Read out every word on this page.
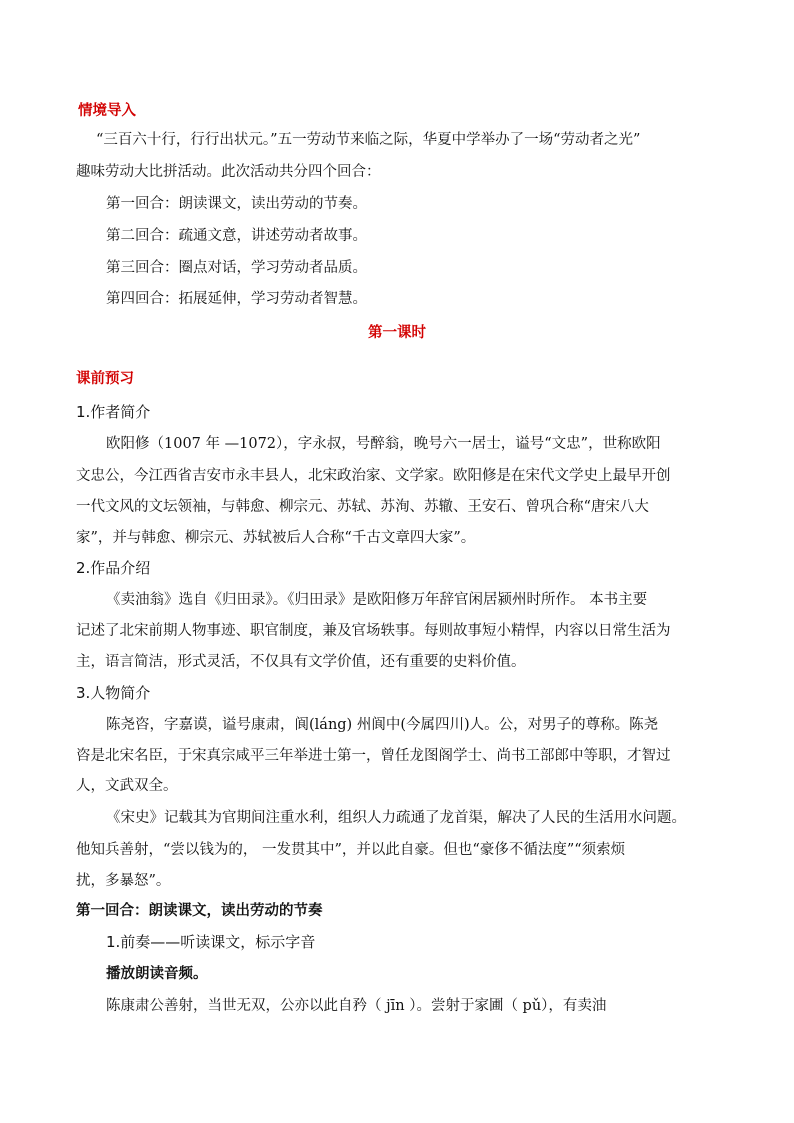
情境导入
“三百六十行，行行出状元。”五一劳动节来临之际，华夏中学举办了一场“劳动者之光”
趣味劳动大比拼活动。此次活动共分四个回合：
第一回合：朗读课文，读出劳动的节奏。
第二回合：疏通文意，讲述劳动者故事。
第三回合：圈点对话，学习劳动者品质。
第四回合：拓展延伸，学习劳动者智慧。
第一课时
课前预习
1.作者简介
欧阳修（1007 年 —1072），字永叔，号醉翁，晚号六一居士，谥号“文忠”，世称欧阳
文忠公，今江西省吉安市永丰县人，北宋政治家、文学家。欧阳修是在宋代文学史上最早开创
一代文风的文坛领袖，与韩愈、柳宗元、苏轼、苏洵、苏辙、王安石、曾巩合称“唐宋八大
家”，并与韩愈、柳宗元、苏轼被后人合称“千古文章四大家”。
2.作品介绍
《卖油翁》选自《归田录》。《归田录》是欧阳修万年辞官闲居颍州时所作。 本书主要
记述了北宋前期人物事迹、职官制度，兼及官场轶事。每则故事短小精悍，内容以日常生活为
主，语言简洁，形式灵活，不仅具有文学价值，还有重要的史料价值。
3.人物简介
陈尧咨，字嘉谟，谥号康肃，阆(láng) 州阆中(今属四川)人。公，对男子的尊称。陈尧
咨是北宋名臣，于宋真宗咸平三年举进士第一，曾任龙图阁学士、尚书工部郎中等职，才智过
人，文武双全。
《宋史》记载其为官期间注重水利，组织人力疏通了龙首渠，解决了人民的生活用水问题。
他知兵善射，“尝以钱为的， 一发贯其中”，并以此自豪。但也“豪侈不循法度”“须索烦
扰，多暴怒”。
第一回合：朗读课文，读出劳动的节奏
1.前奏——听读课文，标示字音
播放朗读音频。
陈康肃公善射，当世无双，公亦以此自矜（ jīn ）。尝射于家圃（ pǔ），有卖油
